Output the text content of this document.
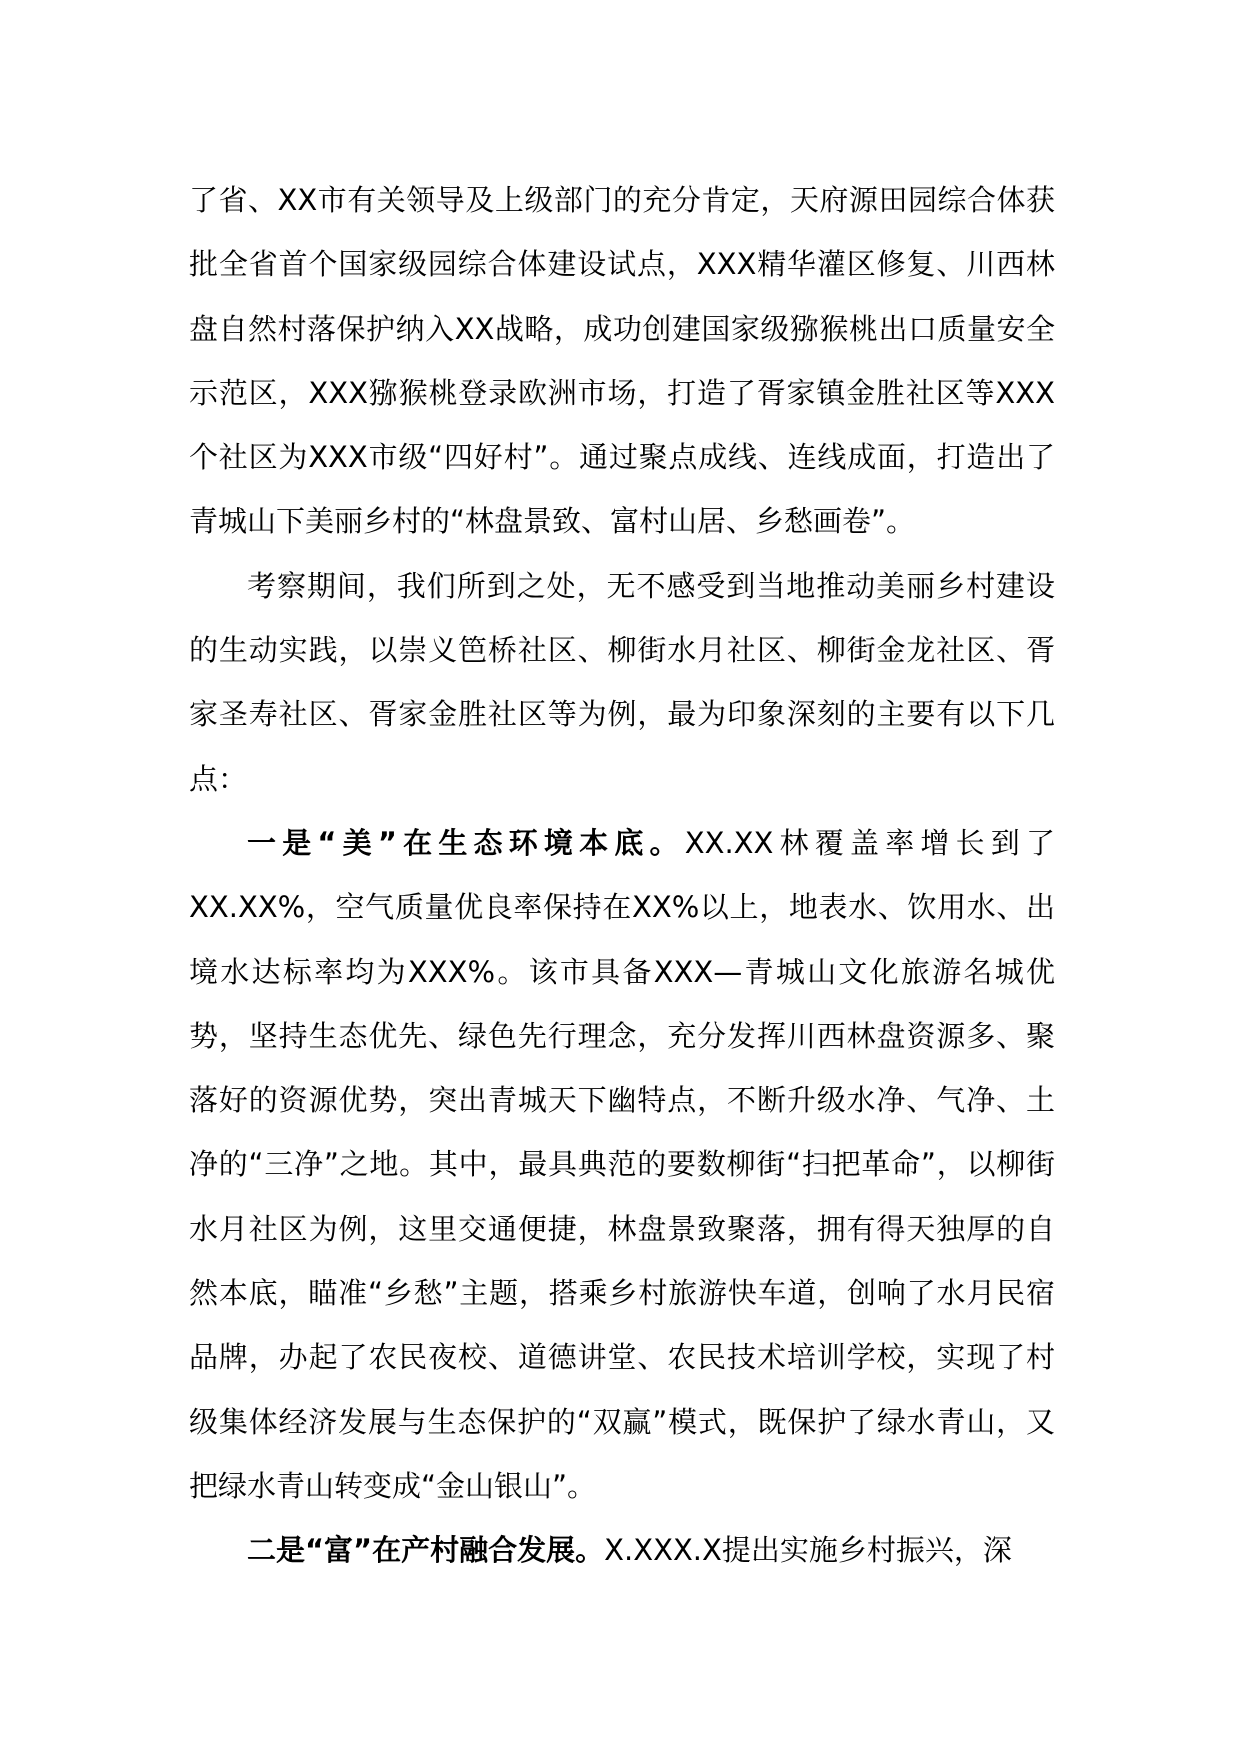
了省、XX市有关领导及上级部门的充分肯定，天府源田园综合体获批全省首个国家级园综合体建设试点，XXX精华灌区修复、川西林盘自然村落保护纳入XX战略，成功创建国家级猕猴桃出口质量安全示范区，XXX猕猴桃登录欧洲市场，打造了胥家镇金胜社区等XXX个社区为XXX市级“四好村”。通过聚点成线、连线成面，打造出了青城山下美丽乡村的“林盘景致、富村山居、乡愁画卷”。

考察期间，我们所到之处，无不感受到当地推动美丽乡村建设的生动实践，以崇义笆桥社区、柳街水月社区、柳街金龙社区、胥家圣寿社区、胥家金胜社区等为例，最为印象深刻的主要有以下几点：

一是“美”在生态环境本底。XX.XX林覆盖率增长到了XX.XX%，空气质量优良率保持在XX%以上，地表水、饮用水、出境水达标率均为XXX%。该市具备XXX—青城山文化旅游名城优势，坚持生态优先、绿色先行理念，充分发挥川西林盘资源多、聚落好的资源优势，突出青城天下幽特点，不断升级水净、气净、土净的“三净”之地。其中，最具典范的要数柳街“扫把革命”，以柳街水月社区为例，这里交通便捷，林盘景致聚落，拥有得天独厚的自然本底，瞄准“乡愁”主题，搭乘乡村旅游快车道，创响了水月民宿品牌，办起了农民夜校、道德讲堂、农民技术培训学校，实现了村级集体经济发展与生态保护的“双赢”模式，既保护了绿水青山，又把绿水青山转变成“金山银山”。

二是“富”在产村融合发展。X.XXX.X提出实施乡村振兴，深
